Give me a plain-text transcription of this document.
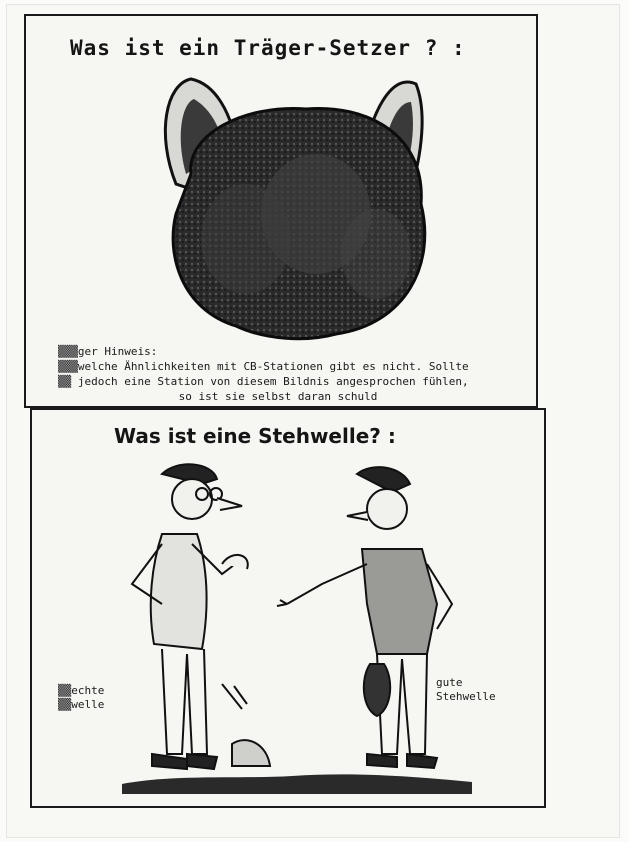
Was ist ein Träger-Setzer ? :
▒▒▒ger Hinweis:
▒▒▒welche Ähnlichkeiten mit CB-Stationen gibt es nicht. Sollte
▒▒ jedoch eine Station von diesem Bildnis angesprochen fühlen,
so ist sie selbst daran schuld
Was ist eine Stehwelle? :
▒▒echte
▒▒welle
gute
Stehwelle
